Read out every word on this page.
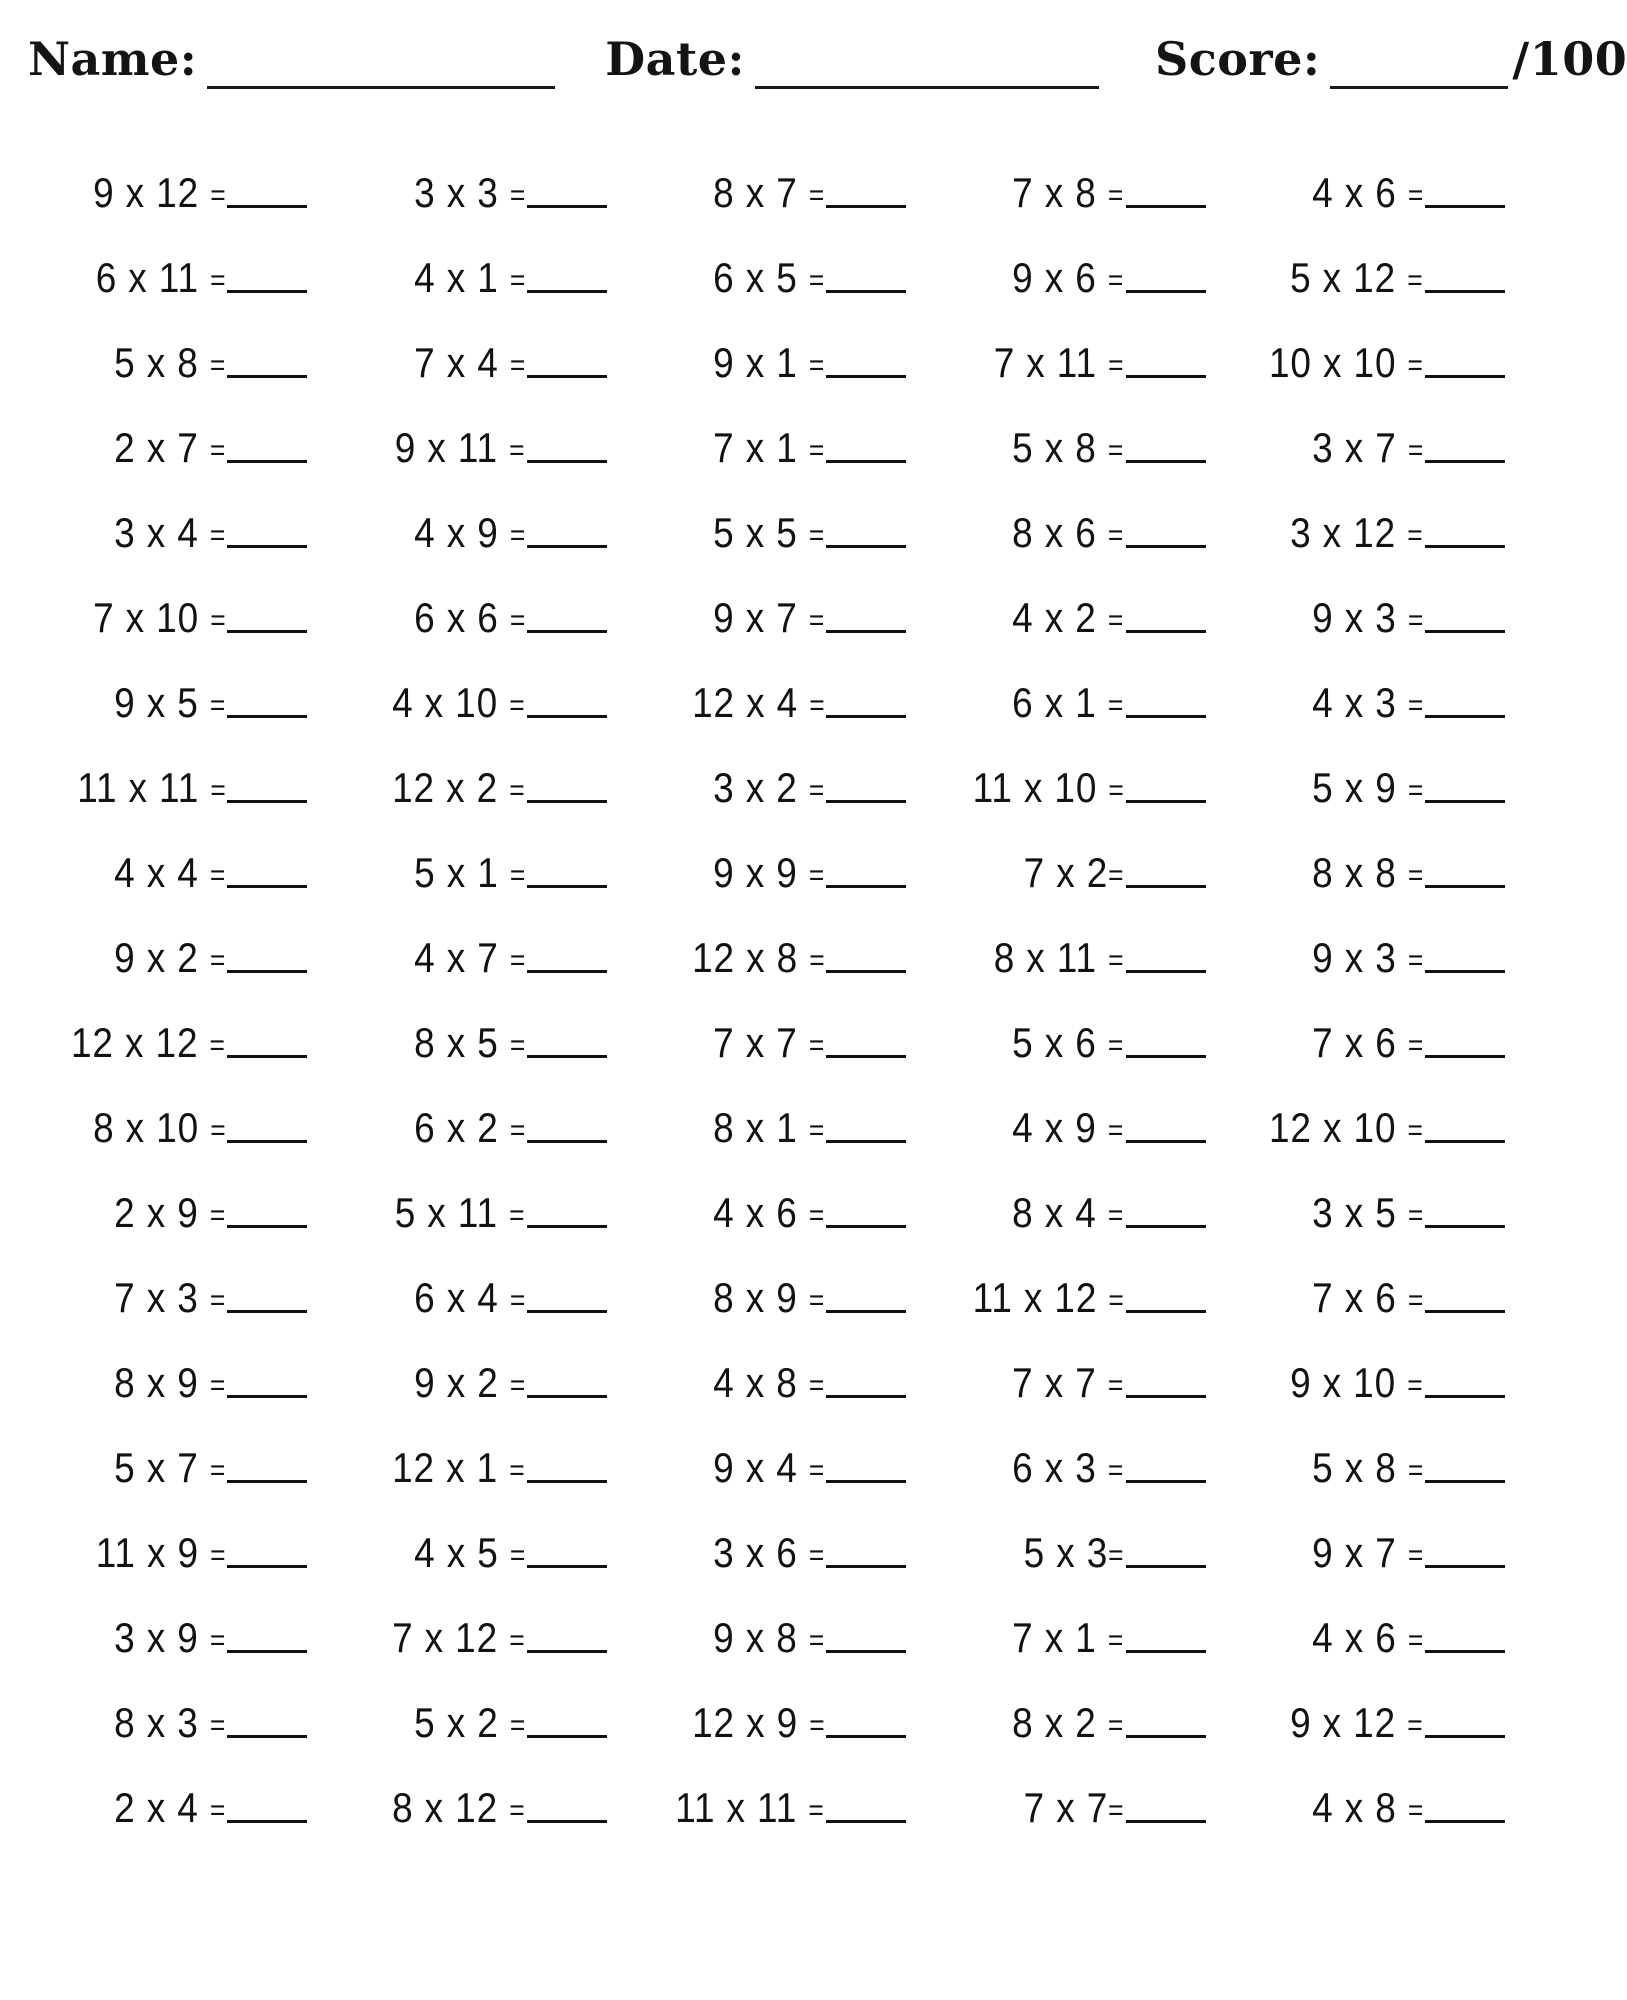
Name:	Date:	Score:	/100
9 x 12 =	3 x 3 =	8 x 7 =	7 x 8 =	4 x 6 =
6 x 11 =	4 x 1 =	6 x 5 =	9 x 6 =	5 x 12 =
5 x 8 =	7 x 4 =	9 x 1 =	7 x 11 =	10 x 10 =
2 x 7 =	9 x 11 =	7 x 1 =	5 x 8 =	3 x 7 =
3 x 4 =	4 x 9 =	5 x 5 =	8 x 6 =	3 x 12 =
7 x 10 =	6 x 6 =	9 x 7 =	4 x 2 =	9 x 3 =
9 x 5 =	4 x 10 =	12 x 4 =	6 x 1 =	4 x 3 =
11 x 11 =	12 x 2 =	3 x 2 =	11 x 10 =	5 x 9 =
4 x 4 =	5 x 1 =	9 x 9 =	7 x 2=	8 x 8 =
9 x 2 =	4 x 7 =	12 x 8 =	8 x 11 =	9 x 3 =
12 x 12 =	8 x 5 =	7 x 7 =	5 x 6 =	7 x 6 =
8 x 10 =	6 x 2 =	8 x 1 =	4 x 9 =	12 x 10 =
2 x 9 =	5 x 11 =	4 x 6 =	8 x 4 =	3 x 5 =
7 x 3 =	6 x 4 =	8 x 9 =	11 x 12 =	7 x 6 =
8 x 9 =	9 x 2 =	4 x 8 =	7 x 7 =	9 x 10 =
5 x 7 =	12 x 1 =	9 x 4 =	6 x 3 =	5 x 8 =
11 x 9 =	4 x 5 =	3 x 6 =	5 x 3=	9 x 7 =
3 x 9 =	7 x 12 =	9 x 8 =	7 x 1 =	4 x 6 =
8 x 3 =	5 x 2 =	12 x 9 =	8 x 2 =	9 x 12 =
2 x 4 =	8 x 12 =	11 x 11 =	7 x 7=	4 x 8 =
